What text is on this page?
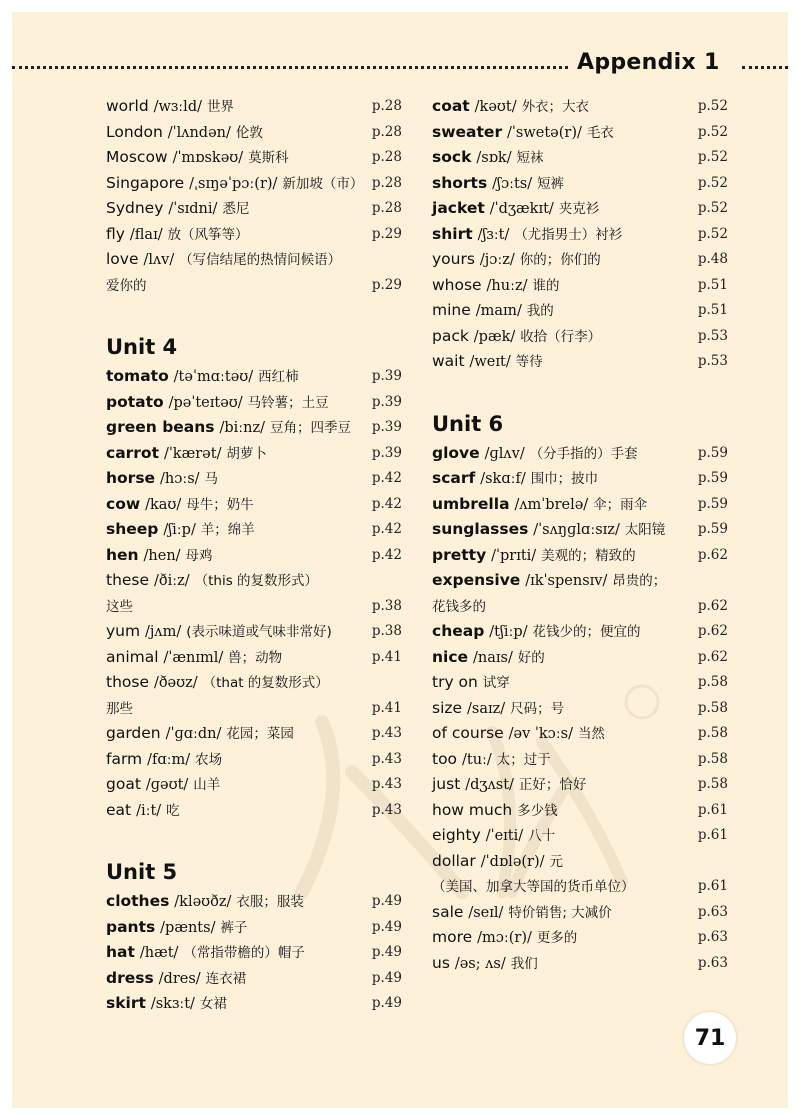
Appendix 1
world /wɜːld/ 世界	p.28
London /ˈlʌndən/ 伦敦	p.28
Moscow /ˈmɒskəʊ/ 莫斯科	p.28
Singapore /ˌsɪŋəˈpɔː(r)/ 新加坡（市） p.28
Sydney /ˈsɪdni/ 悉尼	p.28
fly /flaɪ/ 放（风筝等）	p.29
love /lʌv/ （写信结尾的热情问候语）
爱你的	p.29
Unit 4
tomato /təˈmɑːtəʊ/ 西红柿	p.39
potato /pəˈteɪtəʊ/ 马铃薯；土豆	p.39
green beans /biːnz/ 豆角；四季豆 p.39
carrot /ˈkærət/ 胡萝卜	p.39
horse /hɔːs/ 马	p.42
cow /kaʊ/ 母牛；奶牛	p.42
sheep /ʃiːp/ 羊；绵羊	p.42
hen /hen/ 母鸡	p.42
these /ðiːz/ （this 的复数形式）
这些	p.38
yum /jʌm/ (表示味道或气味非常好)	p.38
animal /ˈænɪml/ 兽；动物	p.41
those /ðəʊz/ （that 的复数形式）
那些	p.41
garden /ˈɡɑːdn/ 花园；菜园	p.43
farm /fɑːm/ 农场	p.43
goat /ɡəʊt/ 山羊	p.43
eat /iːt/ 吃	p.43
Unit 5
clothes /kləʊðz/ 衣服；服装	p.49
pants /pænts/ 裤子	p.49
hat /hæt/ （常指带檐的）帽子	p.49
dress /dres/ 连衣裙	p.49
skirt /skɜːt/ 女裙	p.49
coat /kəʊt/ 外衣；大衣	p.52
sweater /ˈswetə(r)/ 毛衣	p.52
sock /sɒk/ 短袜	p.52
shorts /ʃɔːts/ 短裤	p.52
jacket /ˈdʒækɪt/ 夹克衫	p.52
shirt /ʃɜːt/ （尤指男士）衬衫	p.52
yours /jɔːz/ 你的；你们的	p.48
whose /huːz/ 谁的	p.51
mine /maɪn/ 我的	p.51
pack /pæk/ 收拾（行李）	p.53
wait /weɪt/ 等待	p.53
Unit 6
glove /ɡlʌv/ （分手指的）手套	p.59
scarf /skɑːf/ 围巾；披巾	p.59
umbrella /ʌmˈbrelə/ 伞；雨伞	p.59
sunglasses /ˈsʌŋɡlɑːsɪz/ 太阳镜 p.59
pretty /ˈprɪti/ 美观的；精致的	p.62
expensive /ɪkˈspensɪv/ 昂贵的；
花钱多的	p.62
cheap /tʃiːp/ 花钱少的；便宜的	p.62
nice /naɪs/ 好的	p.62
try on 试穿	p.58
size /saɪz/ 尺码；号	p.58
of course /əv ˈkɔːs/ 当然	p.58
too /tuː/ 太；过于	p.58
just /dʒʌst/ 正好；恰好	p.58
how much 多少钱	p.61
eighty /ˈeɪti/ 八十	p.61
dollar /ˈdɒlə(r)/ 元
（美国、加拿大等国的货币单位）	p.61
sale /seɪl/ 特价销售; 大减价	p.63
more /mɔː(r)/ 更多的	p.63
us /əs; ʌs/ 我们	p.63
71
